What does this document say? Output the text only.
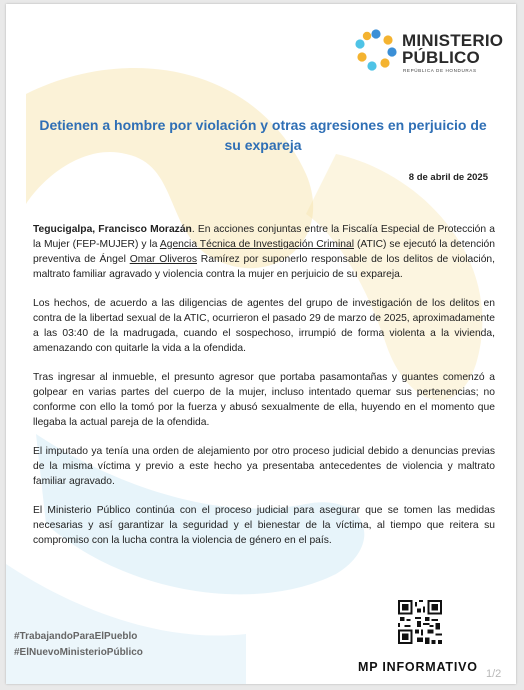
MINISTERIO
PÚBLICO
REPÚBLICA DE HONDURAS
Detienen a hombre por violación y otras agresiones en perjuicio de su expareja
8 de abril de 2025

Tegucigalpa, Francisco Morazán. En acciones conjuntas entre la Fiscalía Especial de Protección a la Mujer (FEP-MUJER) y la Agencia Técnica de Investigación Criminal (ATIC) se ejecutó la detención preventiva de Ángel Omar Oliveros Ramírez por suponerlo responsable de los delitos de violación, maltrato familiar agravado y violencia contra la mujer en perjuicio de su expareja.

Los hechos, de acuerdo a las diligencias de agentes del grupo de investigación de los delitos en contra de la libertad sexual de la ATIC, ocurrieron el pasado 29 de marzo de 2025, aproximadamente a las 03:40 de la madrugada, cuando el sospechoso, irrumpió de forma violenta a la vivienda, amenazando con quitarle la vida a la ofendida.

Tras ingresar al inmueble, el presunto agresor que portaba pasamontañas y guantes comenzó a golpear en varias partes del cuerpo de la mujer, incluso intentado quemar sus pertenencias; no conforme con ello la tomó por la fuerza y abusó sexualmente de ella, huyendo en el momento que llegaba la actual pareja de la ofendida.

El imputado ya tenía una orden de alejamiento por otro proceso judicial debido a denuncias previas de la misma víctima y previo a este hecho ya presentaba antecedentes de violencia y maltrato familiar agravado.

El Ministerio Público continúa con el proceso judicial para asegurar que se tomen las medidas necesarias y así garantizar la seguridad y el bienestar de la víctima, al tiempo que reitera su compromiso con la lucha contra la violencia de género en el país.

#TrabajandoParaElPueblo
#ElNuevoMinisterioPúblico
MP INFORMATIVO 1/2
